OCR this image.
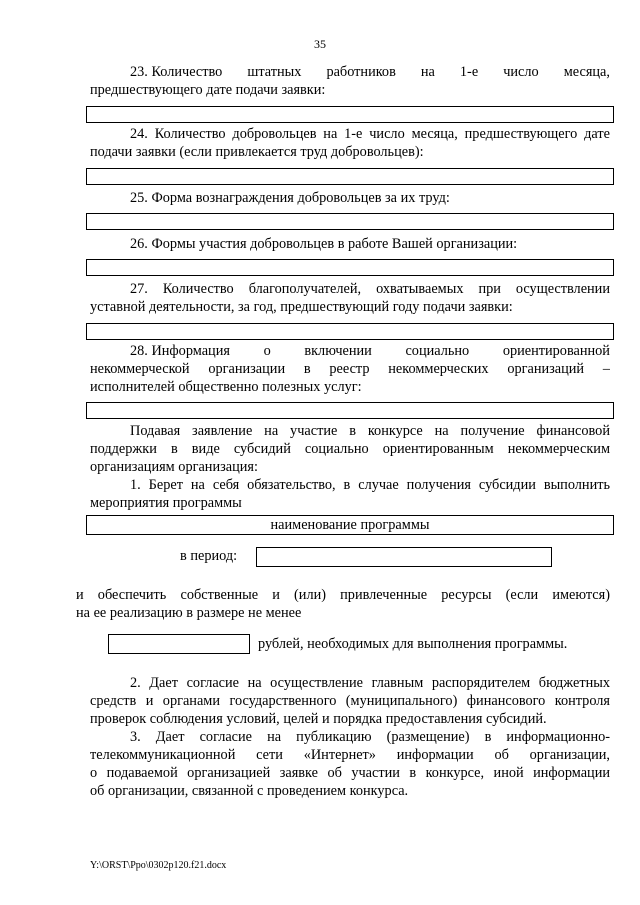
35
23. Количество штатных работников на 1-е число месяца,
предшествующего дате подачи заявки:
24. Количество добровольцев на 1-е число месяца, предшествующего дате
подачи заявки (если привлекается труд добровольцев):
25. Форма вознаграждения добровольцев за их труд:
26. Формы участия добровольцев в работе Вашей организации:
27. Количество благополучателей, охватываемых при осуществлении
уставной деятельности, за год, предшествующий году подачи заявки:
28. Информация о включении социально ориентированной
некоммерческой организации в реестр некоммерческих организаций –
исполнителей общественно полезных услуг:
Подавая заявление на участие в конкурсе на получение финансовой
поддержки в виде субсидий социально ориентированным некоммерческим
организациям организация:
1. Берет на себя обязательство, в случае получения субсидии выполнить
мероприятия программы
наименование программы
в период:
и обеспечить собственные и (или) привлеченные ресурсы (если имеются)
на ее реализацию в размере не менее
рублей, необходимых для выполнения программы.
2. Дает согласие на осуществление главным распорядителем бюджетных
средств и органами государственного (муниципального) финансового контроля
проверок соблюдения условий, целей и порядка предоставления субсидий.
3. Дает согласие на публикацию (размещение) в информационно-
телекоммуникационной сети «Интернет» информации об организации,
о подаваемой организацией заявке об участии в конкурсе, иной информации
об организации, связанной с проведением конкурса.
Y:\ORST\Ppo\0302p120.f21.docx
